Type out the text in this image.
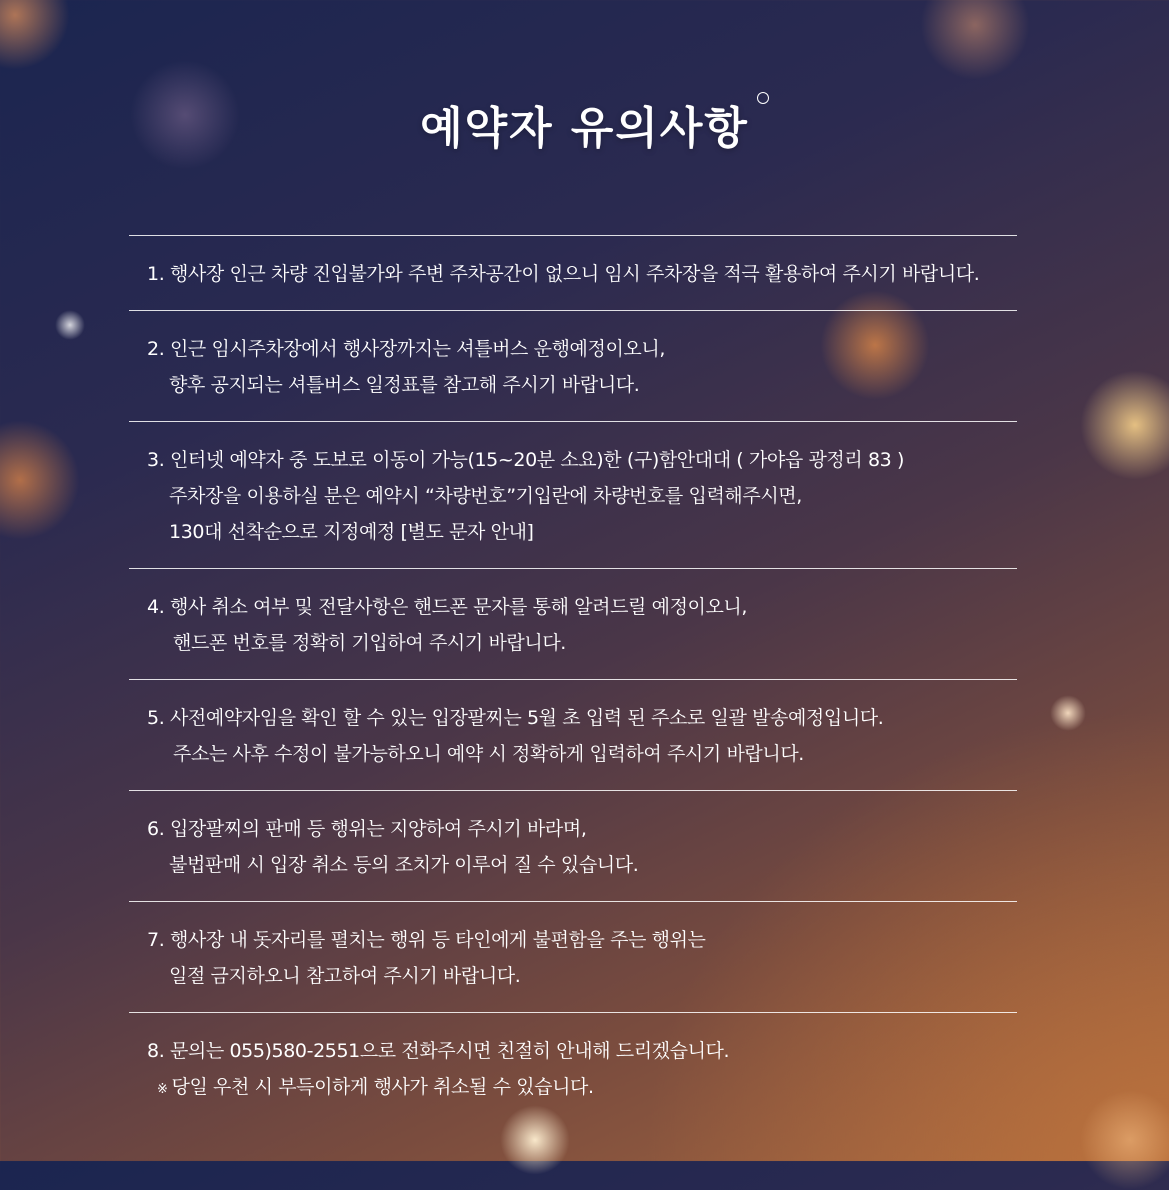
예약자 유의사항
1. 행사장 인근 차량 진입불가와 주변 주차공간이 없으니 임시 주차장을 적극 활용하여 주시기 바랍니다.
2. 인근 임시주차장에서 행사장까지는 셔틀버스 운행예정이오니,
향후 공지되는 셔틀버스 일정표를 참고해 주시기 바랍니다.
3. 인터넷 예약자 중 도보로 이동이 가능(15~20분 소요)한 (구)함안대대 ( 가야읍 광정리 83 )
주차장을 이용하실 분은 예약시 “차량번호”기입란에 차량번호를 입력해주시면,
130대 선착순으로 지정예정 [별도 문자 안내]
4. 행사 취소 여부 및 전달사항은 핸드폰 문자를 통해 알려드릴 예정이오니,
핸드폰 번호를 정확히 기입하여 주시기 바랍니다.
5. 사전예약자임을 확인 할 수 있는 입장팔찌는 5월 초 입력 된 주소로 일괄 발송예정입니다.
주소는 사후 수정이 불가능하오니 예약 시 정확하게 입력하여 주시기 바랍니다.
6. 입장팔찌의 판매 등 행위는 지양하여 주시기 바라며,
불법판매 시 입장 취소 등의 조치가 이루어 질 수 있습니다.
7. 행사장 내 돗자리를 펼치는 행위 등 타인에게 불편함을 주는 행위는
일절 금지하오니 참고하여 주시기 바랍니다.
8. 문의는 055)580-2551으로 전화주시면 친절히 안내해 드리겠습니다.
※ 당일 우천 시 부득이하게 행사가 취소될 수 있습니다.
